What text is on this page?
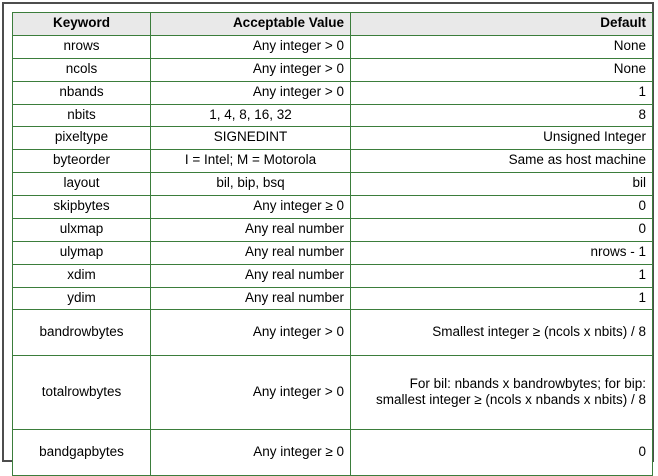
Keyword	Acceptable Value	Default
nrows	Any integer > 0	None
ncols	Any integer > 0	None
nbands	Any integer > 0	1
nbits	1, 4, 8, 16, 32	8
pixeltype	SIGNEDINT	Unsigned Integer
byteorder	I = Intel; M = Motorola	Same as host machine
layout	bil, bip, bsq	bil
skipbytes	Any integer ≥ 0	0
ulxmap	Any real number	0
ulymap	Any real number	nrows - 1
xdim	Any real number	1
ydim	Any real number	1
bandrowbytes	Any integer > 0	Smallest integer ≥ (ncols x nbits) / 8
totalrowbytes	Any integer > 0	For bil: nbands x bandrowbytes; for bip: smallest integer ≥ (ncols x nbands x nbits) / 8
bandgapbytes	Any integer ≥ 0	0
